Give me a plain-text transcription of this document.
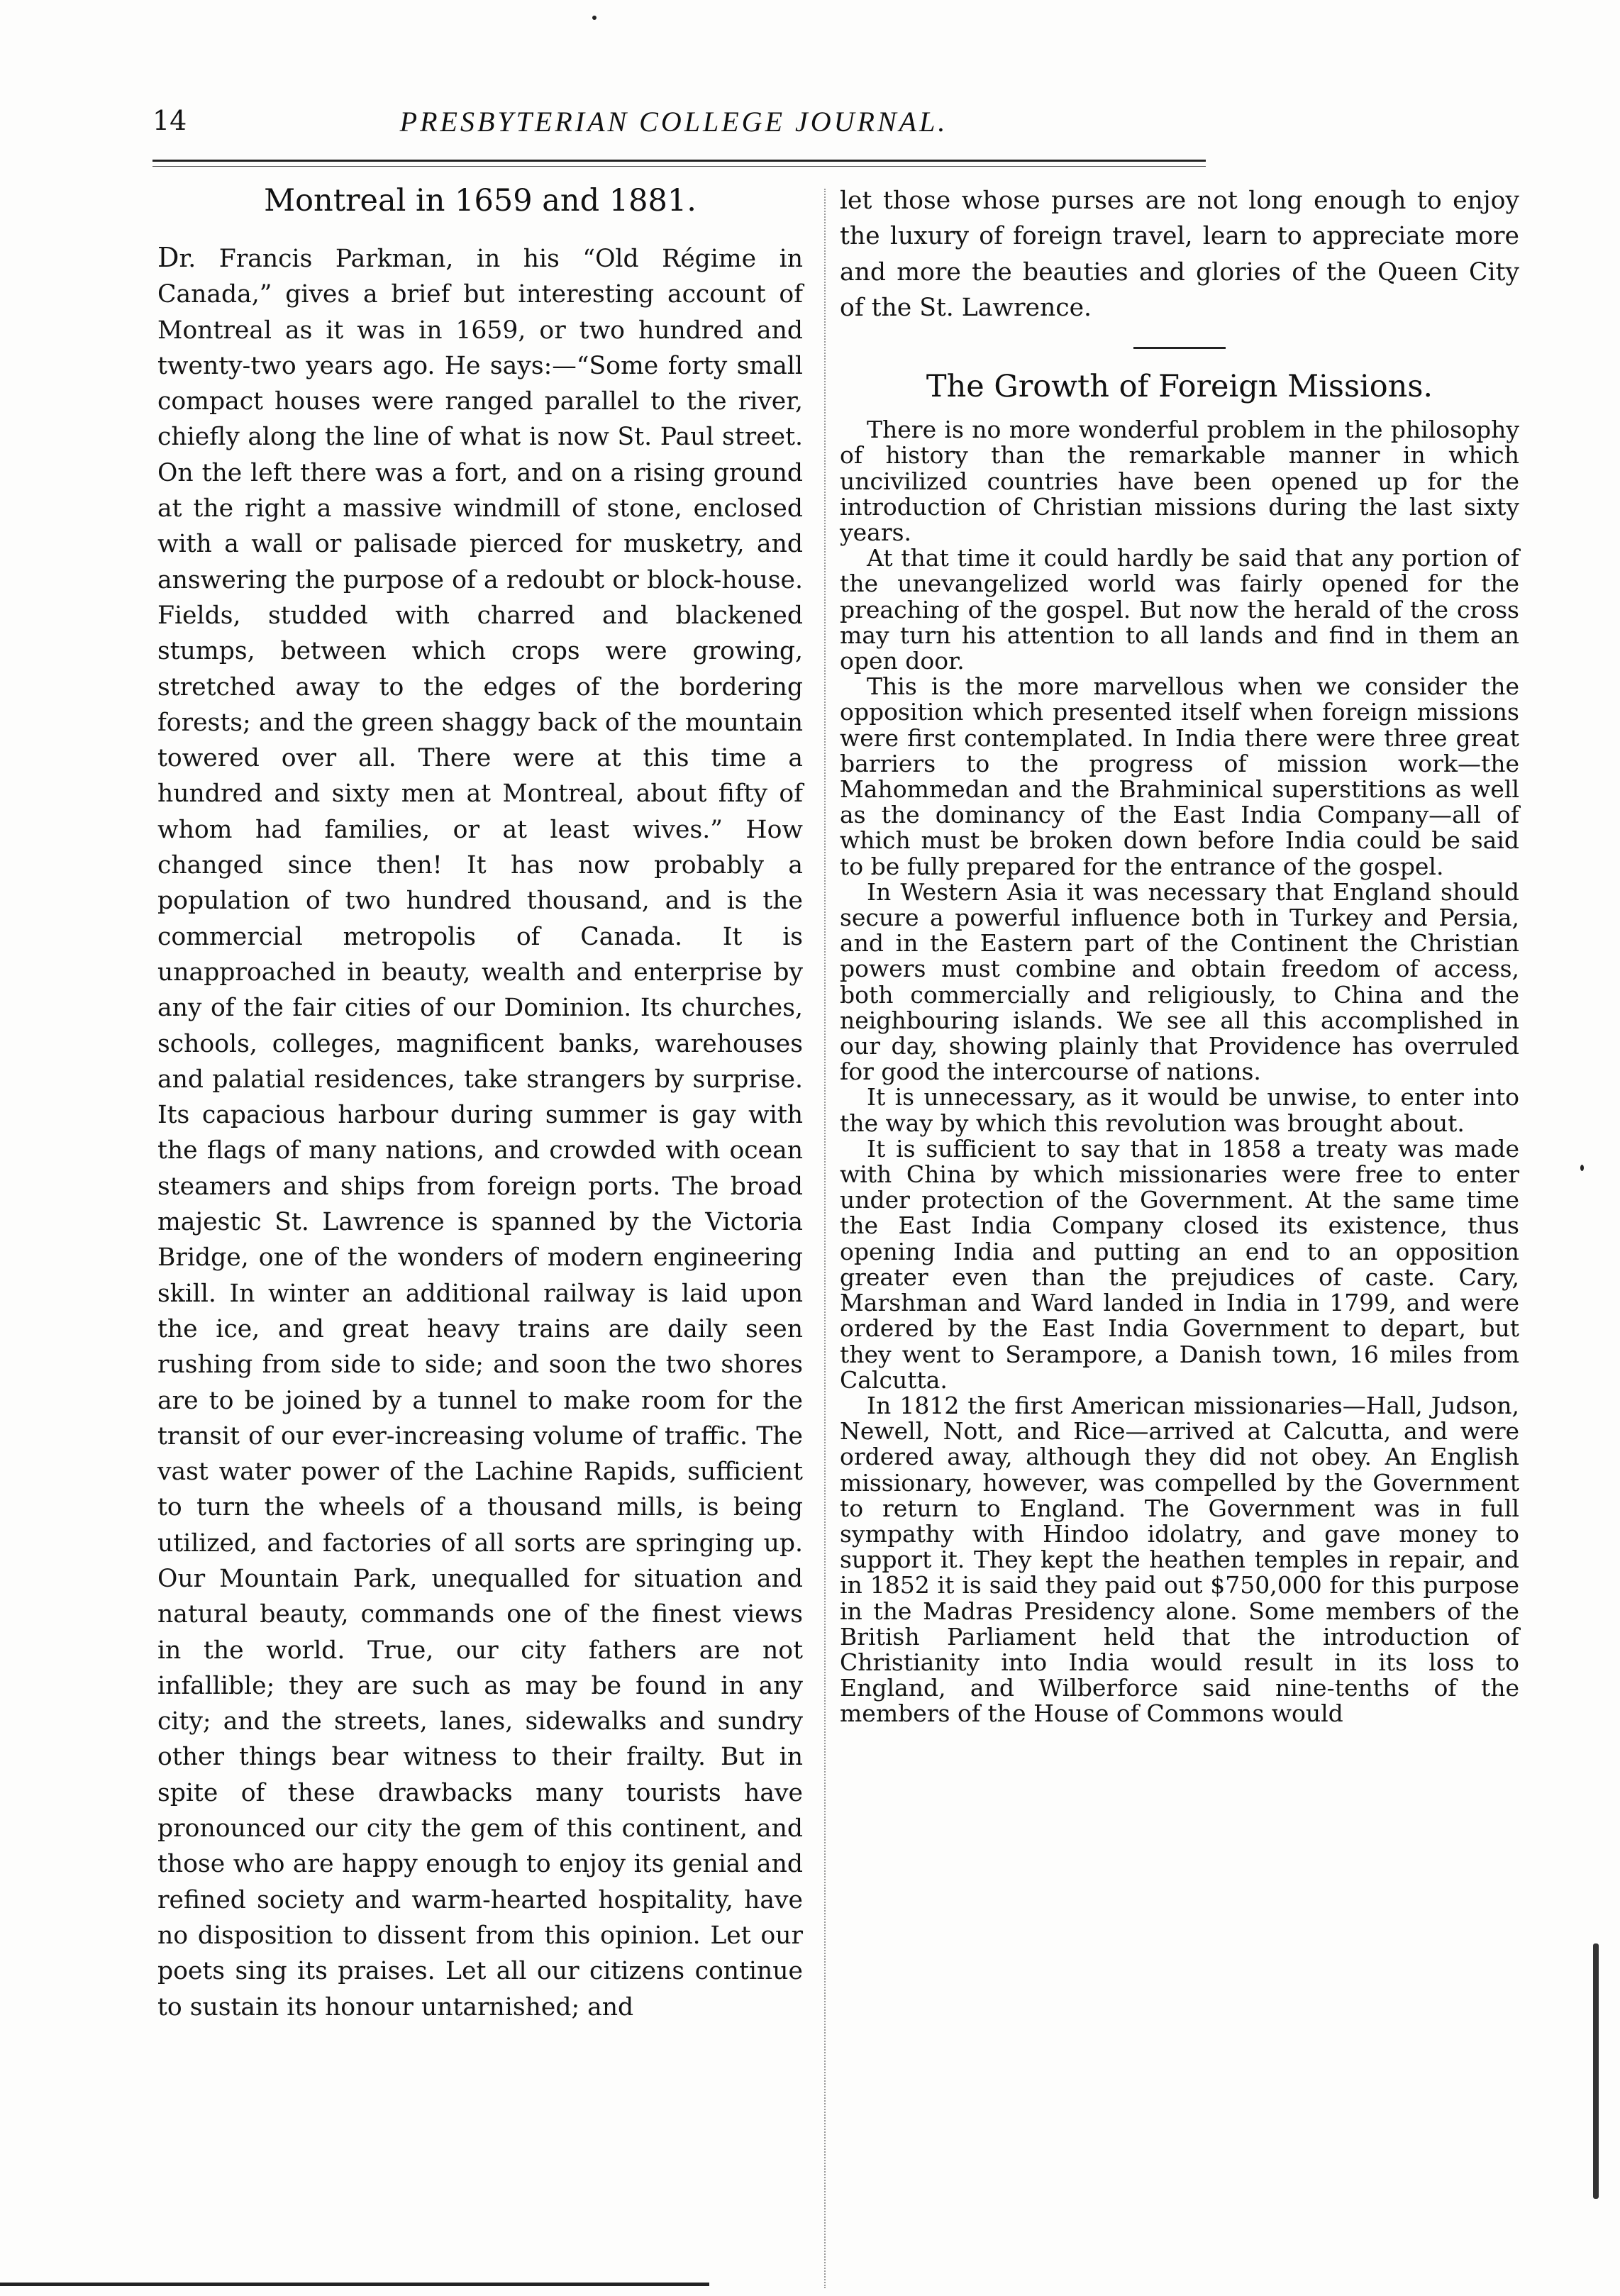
14	PRESBYTERIAN COLLEGE JOURNAL.
Montreal in 1659 and 1881.

Dr. Francis Parkman, in his “Old Régime in Canada,” gives a brief but interesting account of Montreal as it was in 1659, or two hundred and twenty-two years ago. He says:—“Some forty small compact houses were ranged parallel to the river, chiefly along the line of what is now St. Paul street. On the left there was a fort, and on a rising ground at the right a massive windmill of stone, enclosed with a wall or palisade pierced for musketry, and answering the purpose of a redoubt or block-house. Fields, studded with charred and blackened stumps, between which crops were growing, stretched away to the edges of the bordering forests; and the green shaggy back of the mountain towered over all. There were at this time a hundred and sixty men at Montreal, about fifty of whom had families, or at least wives.” How changed since then! It has now probably a population of two hundred thousand, and is the commercial metropolis of Canada. It is unapproached in beauty, wealth and enterprise by any of the fair cities of our Dominion. Its churches, schools, colleges, magnificent banks, warehouses and palatial residences, take strangers by surprise. Its capacious harbour during summer is gay with the flags of many nations, and crowded with ocean steamers and ships from foreign ports. The broad majestic St. Lawrence is spanned by the Victoria Bridge, one of the wonders of modern engineering skill. In winter an additional railway is laid upon the ice, and great heavy trains are daily seen rushing from side to side; and soon the two shores are to be joined by a tunnel to make room for the transit of our ever-increasing volume of traffic. The vast water power of the Lachine Rapids, sufficient to turn the wheels of a thousand mills, is being utilized, and factories of all sorts are springing up. Our Mountain Park, unequalled for situation and natural beauty, commands one of the finest views in the world. True, our city fathers are not infallible; they are such as may be found in any city; and the streets, lanes, sidewalks and sundry other things bear witness to their frailty. But in spite of these drawbacks many tourists have pronounced our city the gem of this continent, and those who are happy enough to enjoy its genial and refined society and warm-hearted hospitality, have no disposition to dissent from this opinion. Let our poets sing its praises. Let all our citizens continue to sustain its honour untarnished; and

let those whose purses are not long enough to enjoy the luxury of foreign travel, learn to appreciate more and more the beauties and glories of the Queen City of the St. Lawrence.

The Growth of Foreign Missions.

There is no more wonderful problem in the philosophy of history than the remarkable manner in which uncivilized countries have been opened up for the introduction of Christian missions during the last sixty years.

At that time it could hardly be said that any portion of the unevangelized world was fairly opened for the preaching of the gospel. But now the herald of the cross may turn his attention to all lands and find in them an open door.

This is the more marvellous when we consider the opposition which presented itself when foreign missions were first contemplated. In India there were three great barriers to the progress of mission work—the Mahommedan and the Brahminical superstitions as well as the dominancy of the East India Company—all of which must be broken down before India could be said to be fully prepared for the entrance of the gospel.

In Western Asia it was necessary that England should secure a powerful influence both in Turkey and Persia, and in the Eastern part of the Continent the Christian powers must combine and obtain freedom of access, both commercially and religiously, to China and the neighbouring islands. We see all this accomplished in our day, showing plainly that Providence has overruled for good the intercourse of nations.

It is unnecessary, as it would be unwise, to enter into the way by which this revolution was brought about.

It is sufficient to say that in 1858 a treaty was made with China by which missionaries were free to enter under protection of the Government. At the same time the East India Company closed its existence, thus opening India and putting an end to an opposition greater even than the prejudices of caste. Cary, Marshman and Ward landed in India in 1799, and were ordered by the East India Government to depart, but they went to Serampore, a Danish town, 16 miles from Calcutta.

In 1812 the first American missionaries—Hall, Judson, Newell, Nott, and Rice—arrived at Calcutta, and were ordered away, although they did not obey. An English missionary, however, was compelled by the Government to return to England. The Government was in full sympathy with Hindoo idolatry, and gave money to support it. They kept the heathen temples in repair, and in 1852 it is said they paid out $750,000 for this purpose in the Madras Presidency alone. Some members of the British Parliament held that the introduction of Christianity into India would result in its loss to England, and Wilberforce said nine-tenths of the members of the House of Commons would
